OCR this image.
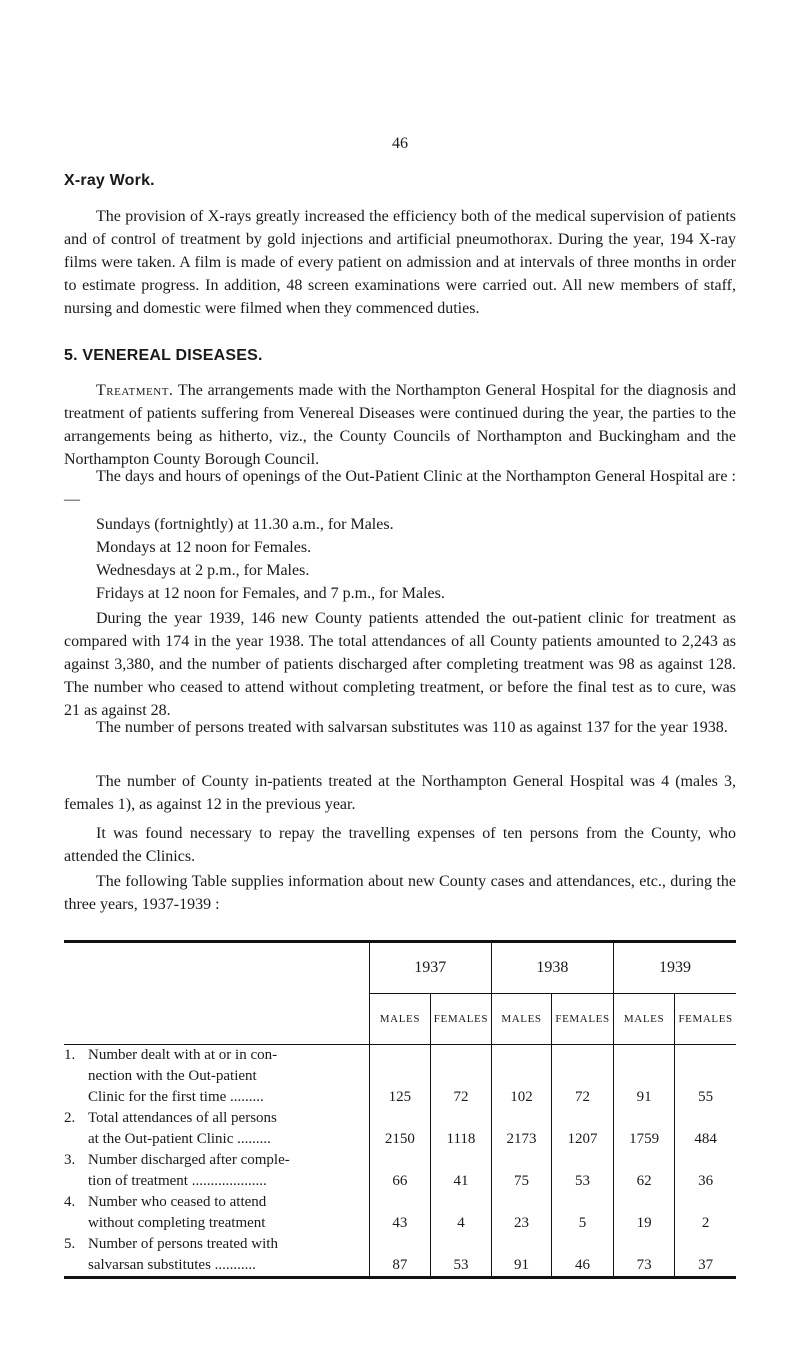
46
X-ray Work.

The provision of X-rays greatly increased the efficiency both of the medical supervision of patients and of control of treatment by gold injections and artificial pneumothorax. During the year, 194 X-ray films were taken. A film is made of every patient on admission and at intervals of three months in order to estimate progress. In addition, 48 screen examinations were carried out. All new members of staff, nursing and domestic were filmed when they commenced duties.

5. VENEREAL DISEASES.

Treatment. The arrangements made with the Northampton General Hospital for the diagnosis and treatment of patients suffering from Venereal Diseases were continued during the year, the parties to the arrangements being as hitherto, viz., the County Councils of Northampton and Buckingham and the Northampton County Borough Council.

The days and hours of openings of the Out-Patient Clinic at the Northampton General Hospital are :—

Sundays (fortnightly) at 11.30 a.m., for Males.
Mondays at 12 noon for Females.
Wednesdays at 2 p.m., for Males.
Fridays at 12 noon for Females, and 7 p.m., for Males.

During the year 1939, 146 new County patients attended the out-patient clinic for treatment as compared with 174 in the year 1938. The total attendances of all County patients amounted to 2,243 as against 3,380, and the number of patients discharged after completing treatment was 98 as against 128. The number who ceased to attend without completing treatment, or before the final test as to cure, was 21 as against 28.

The number of persons treated with salvarsan substitutes was 110 as against 137 for the year 1938.

The number of County in-patients treated at the Northampton General Hospital was 4 (males 3, females 1), as against 12 in the previous year.

It was found necessary to repay the travelling expenses of ten persons from the County, who attended the Clinics.

The following Table supplies information about new County cases and attendances, etc., during the three years, 1937-1939 :

	1937		1938		1939	
	MALES	FEMALES	MALES	FEMALES	MALES	FEMALES

1. Number dealt with at or in con-
nection with the Out-patient
Clinic for the first time .........	125	72	102	72	91	55

2. Total attendances of all persons
at the Out-patient Clinic .........	2150	1118	2173	1207	1759	484

3. Number discharged after comple-
tion of treatment ....................	66	41	75	53	62	36

4. Number who ceased to attend
without completing treatment	43	4	23	5	19	2

5. Number of persons treated with
salvarsan substitutes ...........	87	53	91	46	73	37
